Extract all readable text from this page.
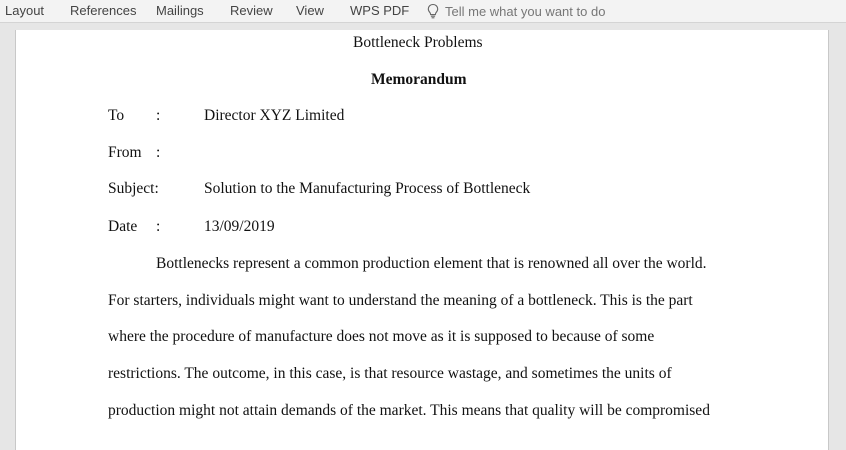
Layout References Mailings Review View WPS PDF	Tell me what you want to do
Bottleneck Problems
Memorandum
To :	Director XYZ Limited
From :
Subject:	Solution to the Manufacturing Process of Bottleneck
Date :	13/09/2019
Bottlenecks represent a common production element that is renowned all over the world.
For starters, individuals might want to understand the meaning of a bottleneck. This is the part
where the procedure of manufacture does not move as it is supposed to because of some
restrictions. The outcome, in this case, is that resource wastage, and sometimes the units of
production might not attain demands of the market. This means that quality will be compromised
